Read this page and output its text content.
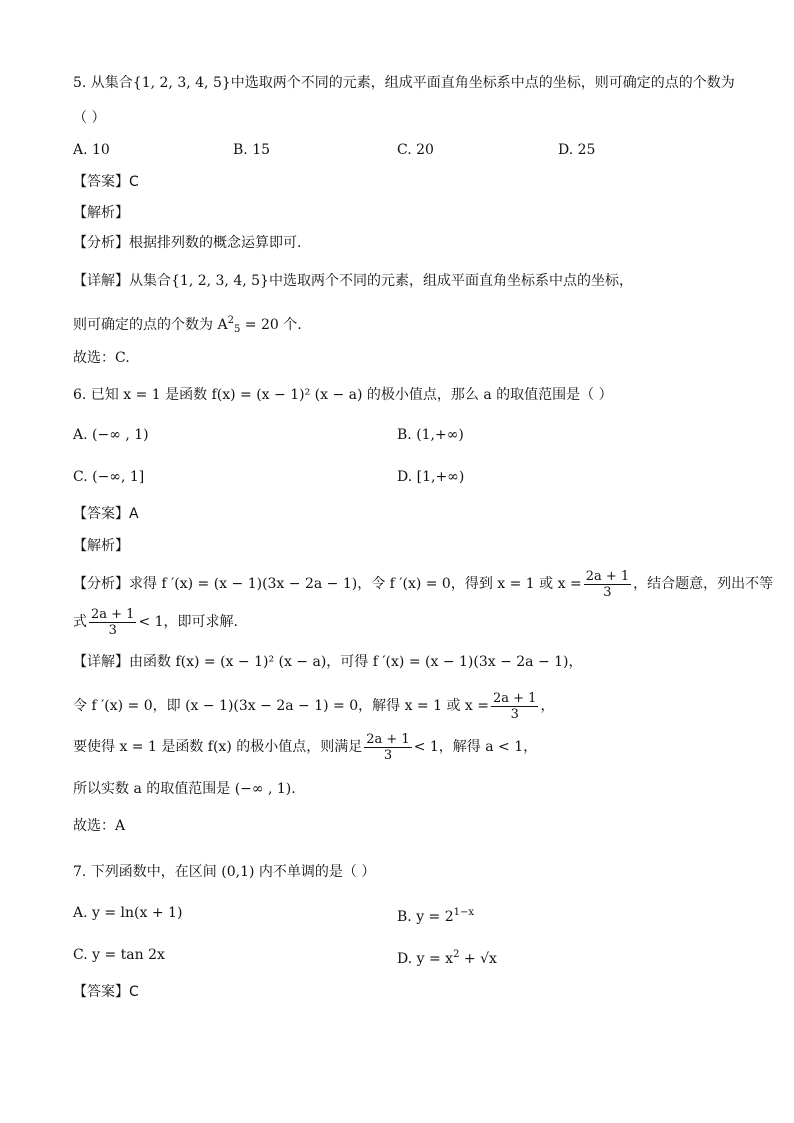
5. 从集合{1, 2, 3, 4, 5}中选取两个不同的元素，组成平面直角坐标系中点的坐标，则可确定的点的个数为
（ ）
A. 10	B. 15	C. 20	D. 25
【答案】C
【解析】
【分析】根据排列数的概念运算即可.
【详解】从集合{1, 2, 3, 4, 5}中选取两个不同的元素，组成平面直角坐标系中点的坐标，
则可确定的点的个数为 $A^2_5 = 20$ 个.
故选：C.
6. 已知 x = 1 是函数 f(x) = (x − 1)² (x − a) 的极小值点，那么 a 的取值范围是（ ）
A. (−∞ , 1)	B. (1,+∞)
C. (−∞, 1]	D. [1,+∞)
【答案】A
【解析】
【分析】求得 f ′(x) = (x − 1)(3x − 2a − 1)，令 f ′(x) = 0，得到 x = 1 或 $x = \frac{2a + 1}{3}$ ，结合题意，列出不等
式 $\frac{2a + 1}{3} < 1$，即可求解.
【详解】由函数 f(x) = (x − 1)² (x − a)，可得 f ′(x) = (x − 1)(3x − 2a − 1)，
令 f ′(x) = 0，即 (x − 1)(3x − 2a − 1) = 0，解得 x = 1 或 $x = \frac{2a + 1}{3}$ ，
要使得 x = 1 是函数 f(x) 的极小值点，则满足 $\frac{2a + 1}{3} < 1$，解得 a < 1，
所以实数 a 的取值范围是 (−∞ , 1).
故选：A
7. 下列函数中，在区间 (0,1) 内不单调的是（ ）
A. y = ln(x + 1)	B. $y = 2^{1-x}$
C. y = tan 2x	D. $y = x^2 + √x$
【答案】C
